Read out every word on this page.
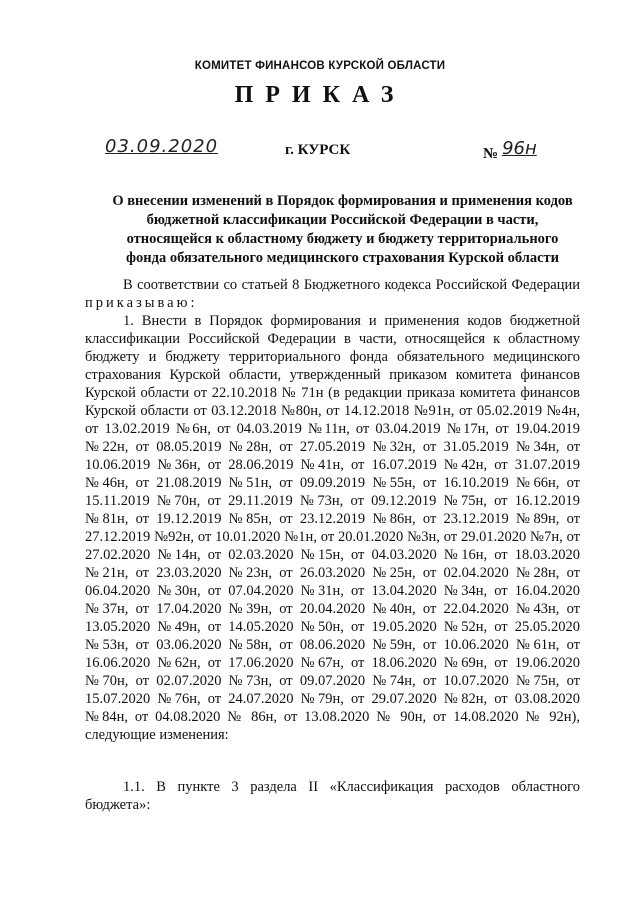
КОМИТЕТ ФИНАНСОВ КУРСКОЙ ОБЛАСТИ
ПРИКАЗ
03.09.2020	г. КУРСК	№ 96н
О внесении изменений в Порядок формирования и применения кодов бюджетной классификации Российской Федерации в части, относящейся к областному бюджету и бюджету территориального фонда обязательного медицинского страхования Курской области

В соответствии со статьей 8 Бюджетного кодекса Российской Федерации приказываю:

1. Внести в Порядок формирования и применения кодов бюджетной классификации Российской Федерации в части, относящейся к областному бюджету и бюджету территориального фонда обязательного медицинского страхования Курской области, утвержденный приказом комитета финансов Курской области от 22.10.2018 № 71н (в редакции приказа комитета финансов Курской области от 03.12.2018 №80н, от 14.12.2018 №91н, от 05.02.2019 №4н, от 13.02.2019 №6н, от 04.03.2019 №11н, от 03.04.2019 №17н, от 19.04.2019 №22н, от 08.05.2019 №28н, от 27.05.2019 №32н, от 31.05.2019 №34н, от 10.06.2019 №36н, от 28.06.2019 №41н, от 16.07.2019 №42н, от 31.07.2019 №46н, от 21.08.2019 №51н, от 09.09.2019 №55н, от 16.10.2019 №66н, от 15.11.2019 №70н, от 29.11.2019 №73н, от 09.12.2019 №75н, от 16.12.2019 №81н, от 19.12.2019 №85н, от 23.12.2019 №86н, от 23.12.2019 №89н, от 27.12.2019 №92н, от 10.01.2020 №1н, от 20.01.2020 №3н, от 29.01.2020 №7н, от 27.02.2020 №14н, от 02.03.2020 №15н, от 04.03.2020 №16н, от 18.03.2020 №21н, от 23.03.2020 №23н, от 26.03.2020 №25н, от 02.04.2020 №28н, от 06.04.2020 №30н, от 07.04.2020 №31н, от 13.04.2020 №34н, от 16.04.2020 №37н, от 17.04.2020 №39н, от 20.04.2020 №40н, от 22.04.2020 №43н, от 13.05.2020 №49н, от 14.05.2020 №50н, от 19.05.2020 №52н, от 25.05.2020 №53н, от 03.06.2020 №58н, от 08.06.2020 №59н, от 10.06.2020 №61н, от 16.06.2020 №62н, от 17.06.2020 №67н, от 18.06.2020 №69н, от 19.06.2020 №70н, от 02.07.2020 №73н, от 09.07.2020 №74н, от 10.07.2020 №75н, от 15.07.2020 №76н, от 24.07.2020 №79н, от 29.07.2020 №82н, от 03.08.2020 №84н, от 04.08.2020 № 86н, от 13.08.2020 № 90н, от 14.08.2020 № 92н), следующие изменения:

1.1. В пункте 3 раздела II «Классификация расходов областного бюджета»:
